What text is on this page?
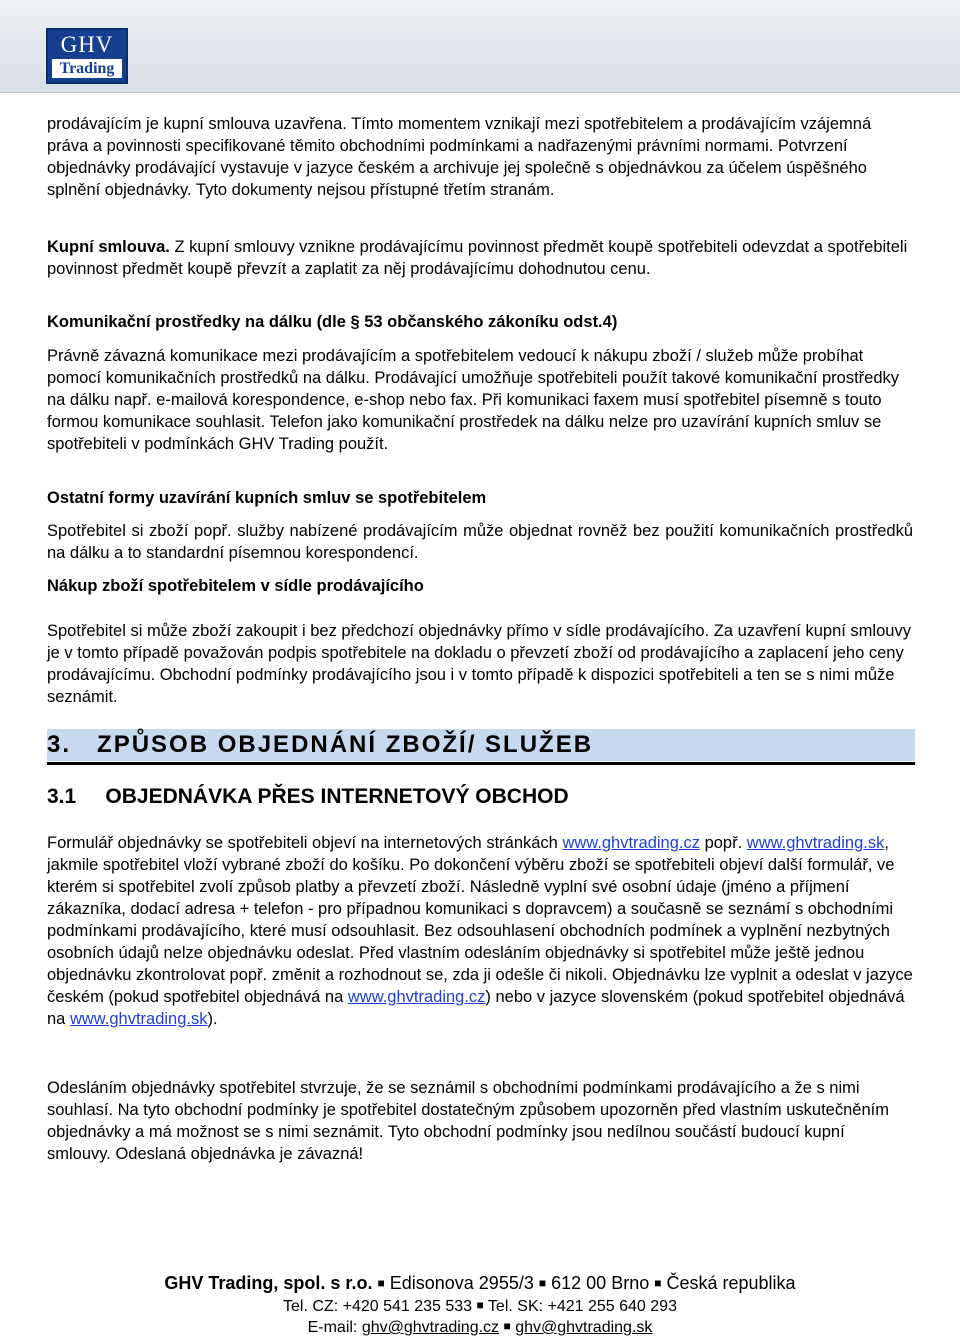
GHV
Trading

prodávajícím je kupní smlouva uzavřena. Tímto momentem vznikají mezi spotřebitelem a prodávajícím vzájemná práva a povinnosti specifikované těmito obchodními podmínkami a nadřazenými právními normami. Potvrzení objednávky prodávající vystavuje v jazyce českém a archivuje jej společně s objednávkou za účelem úspěšného splnění objednávky. Tyto dokumenty nejsou přístupné třetím stranám.

Kupní smlouva. Z kupní smlouvy vznikne prodávajícímu povinnost předmět koupě spotřebiteli odevzdat a spotřebiteli povinnost předmět koupě převzít a zaplatit za něj prodávajícímu dohodnutou cenu.

Komunikační prostředky na dálku (dle § 53 občanského zákoníku odst.4)

Právně závazná komunikace mezi prodávajícím a spotřebitelem vedoucí k nákupu zboží / služeb může probíhat pomocí komunikačních prostředků na dálku. Prodávající umožňuje spotřebiteli použít takové komunikační prostředky na dálku např. e-mailová korespondence, e-shop nebo fax. Při komunikaci faxem musí spotřebitel písemně s touto formou komunikace souhlasit. Telefon jako komunikační prostředek na dálku nelze pro uzavírání kupních smluv se spotřebiteli v podmínkách GHV Trading použít.

Ostatní formy uzavírání kupních smluv se spotřebitelem

Spotřebitel si zboží popř. služby nabízené prodávajícím může objednat rovněž bez použití komunikačních prostředků na dálku a to standardní písemnou korespondencí.

Nákup zboží spotřebitelem v sídle prodávajícího

Spotřebitel si může zboží zakoupit i bez předchozí objednávky přímo v sídle prodávajícího. Za uzavření kupní smlouvy je v tomto případě považován podpis spotřebitele na dokladu o převzetí zboží od prodávajícího a zaplacení jeho ceny prodávajícímu. Obchodní podmínky prodávajícího jsou i v tomto případě k dispozici spotřebiteli a ten se s nimi může seznámit.

3. ZPŮSOB OBJEDNÁNÍ ZBOŽÍ/ SLUŽEB
3.1 OBJEDNÁVKA PŘES INTERNETOVÝ OBCHOD

Formulář objednávky se spotřebiteli objeví na internetových stránkách www.ghvtrading.cz popř. www.ghvtrading.sk, jakmile spotřebitel vloží vybrané zboží do košíku. Po dokončení výběru zboží se spotřebiteli objeví další formulář, ve kterém si spotřebitel zvolí způsob platby a převzetí zboží. Následně vyplní své osobní údaje (jméno a příjmení zákazníka, dodací adresa + telefon - pro případnou komunikaci s dopravcem) a současně se seznámí s obchodními podmínkami prodávajícího, které musí odsouhlasit. Bez odsouhlasení obchodních podmínek a vyplnění nezbytných osobních údajů nelze objednávku odeslat. Před vlastním odesláním objednávky si spotřebitel může ještě jednou objednávku zkontrolovat popř. změnit a rozhodnout se, zda ji odešle či nikoli. Objednávku lze vyplnit a odeslat v jazyce českém (pokud spotřebitel objednává na www.ghvtrading.cz) nebo v jazyce slovenském (pokud spotřebitel objednává na www.ghvtrading.sk).

Odesláním objednávky spotřebitel stvrzuje, že se seznámil s obchodními podmínkami prodávajícího a že s nimi souhlasí. Na tyto obchodní podmínky je spotřebitel dostatečným způsobem upozorněn před vlastním uskutečněním objednávky a má možnost se s nimi seznámit. Tyto obchodní podmínky jsou nedílnou součástí budoucí kupní smlouvy. Odeslaná objednávka je závazná!

GHV Trading, spol. s r.o. ■ Edisonova 2955/3 ■ 612 00 Brno ■ Česká republika
Tel. CZ: +420 541 235 533 ■ Tel. SK: +421 255 640 293
E-mail: ghv@ghvtrading.cz ■ ghv@ghvtrading.sk
